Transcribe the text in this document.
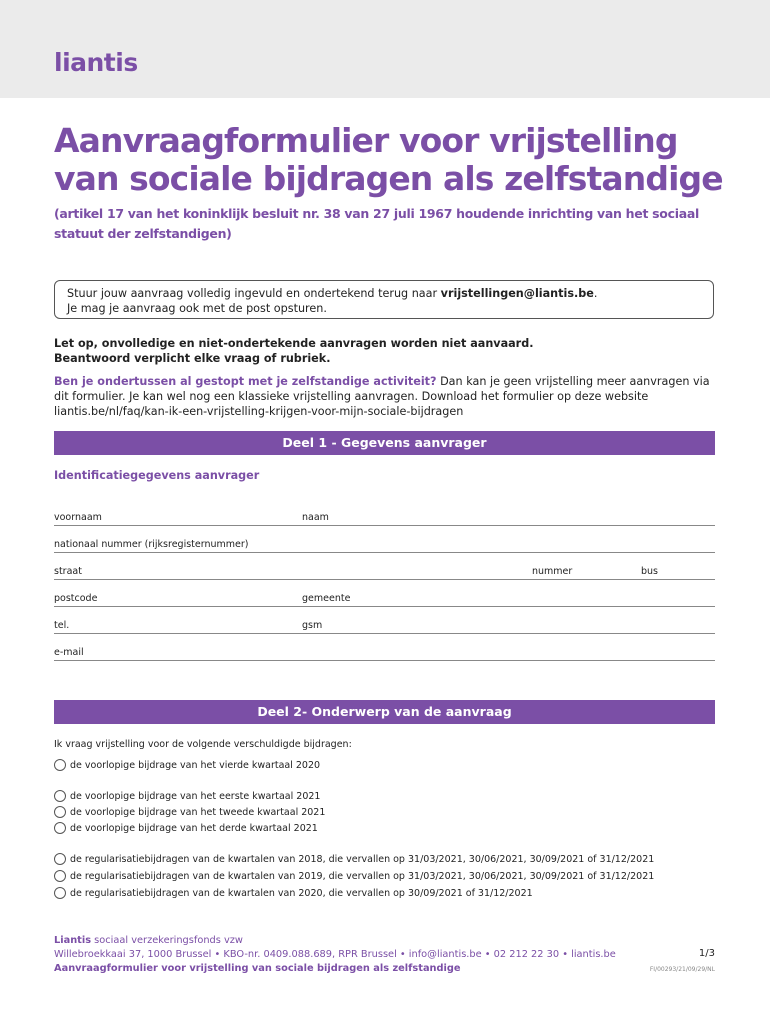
liantis
Aanvraagformulier voor vrijstelling van sociale bijdragen als zelfstandige
(artikel 17 van het koninklijk besluit nr. 38 van 27 juli 1967 houdende inrichting van het sociaal statuut der zelfstandigen)
Stuur jouw aanvraag volledig ingevuld en ondertekend terug naar vrijstellingen@liantis.be.
Je mag je aanvraag ook met de post opsturen.
Let op, onvolledige en niet-ondertekende aanvragen worden niet aanvaard.
Beantwoord verplicht elke vraag of rubriek.
Ben je ondertussen al gestopt met je zelfstandige activiteit? Dan kan je geen vrijstelling meer aanvragen via dit formulier. Je kan wel nog een klassieke vrijstelling aanvragen. Download het formulier op deze website liantis.be/nl/faq/kan-ik-een-vrijstelling-krijgen-voor-mijn-sociale-bijdragen
Deel 1 - Gegevens aanvrager
Identificatiegegevens aanvrager
voornaam	naam
nationaal nummer (rijksregisternummer)
straat	nummer	bus
postcode	gemeente
tel.	gsm
e-mail
Deel 2- Onderwerp van de aanvraag
Ik vraag vrijstelling voor de volgende verschuldigde bijdragen:
de voorlopige bijdrage van het vierde kwartaal 2020
de voorlopige bijdrage van het eerste kwartaal 2021
de voorlopige bijdrage van het tweede kwartaal 2021
de voorlopige bijdrage van het derde kwartaal 2021
de regularisatiebijdragen van de kwartalen van 2018, die vervallen op 31/03/2021, 30/06/2021, 30/09/2021 of 31/12/2021
de regularisatiebijdragen van de kwartalen van 2019, die vervallen op 31/03/2021, 30/06/2021, 30/09/2021 of 31/12/2021
de regularisatiebijdragen van de kwartalen van 2020, die vervallen op 30/09/2021 of 31/12/2021
Liantis sociaal verzekeringsfonds vzw
Willebroekkaai 37, 1000 Brussel • KBO-nr. 0409.088.689, RPR Brussel • info@liantis.be • 02 212 22 30 • liantis.be
Aanvraagformulier voor vrijstelling van sociale bijdragen als zelfstandige
1/3
FI/00293/21/09/29/NL
